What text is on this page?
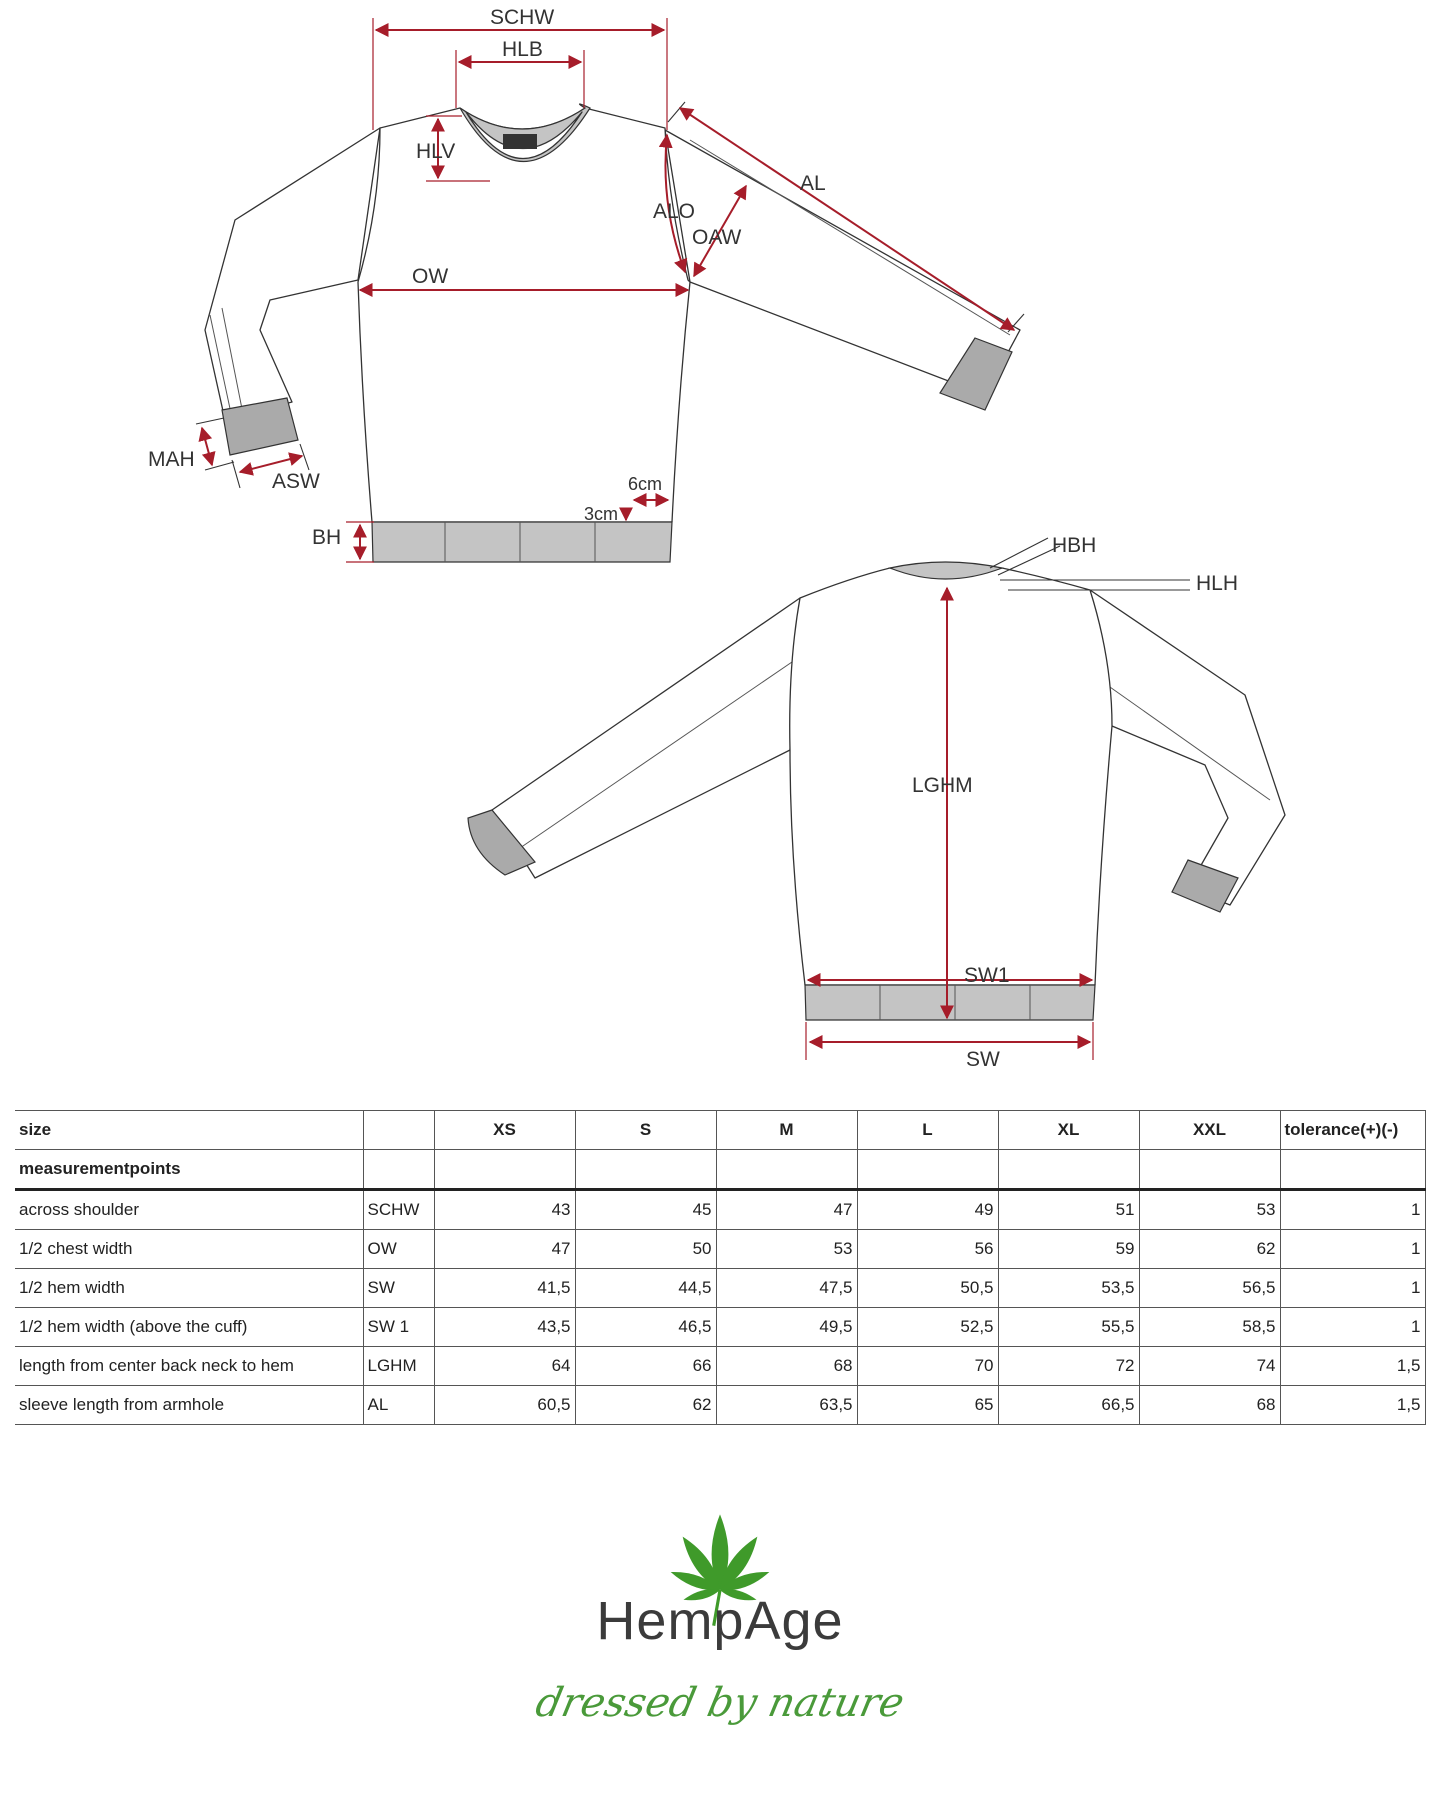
SCHW
HLB
HLV
ALO
OAW
AL
OW
MAH
ASW
BH
6cm
3cm
HBH
HLH
LGHM
SW1
SW
size		XS	S	M	L	XL	XXL	tolerance(+)(-)
measurementpoints								
across shoulder	SCHW	43	45	47	49	51	53	1
1/2 chest width	OW	47	50	53	56	59	62	1
1/2 hem width	SW	41,5	44,5	47,5	50,5	53,5	56,5	1
1/2 hem width (above the cuff)	SW 1	43,5	46,5	49,5	52,5	55,5	58,5	1
length from center back neck to hem	LGHM	64	66	68	70	72	74	1,5
sleeve length from armhole	AL	60,5	62	63,5	65	66,5	68	1,5
HempAge
dressed by nature
